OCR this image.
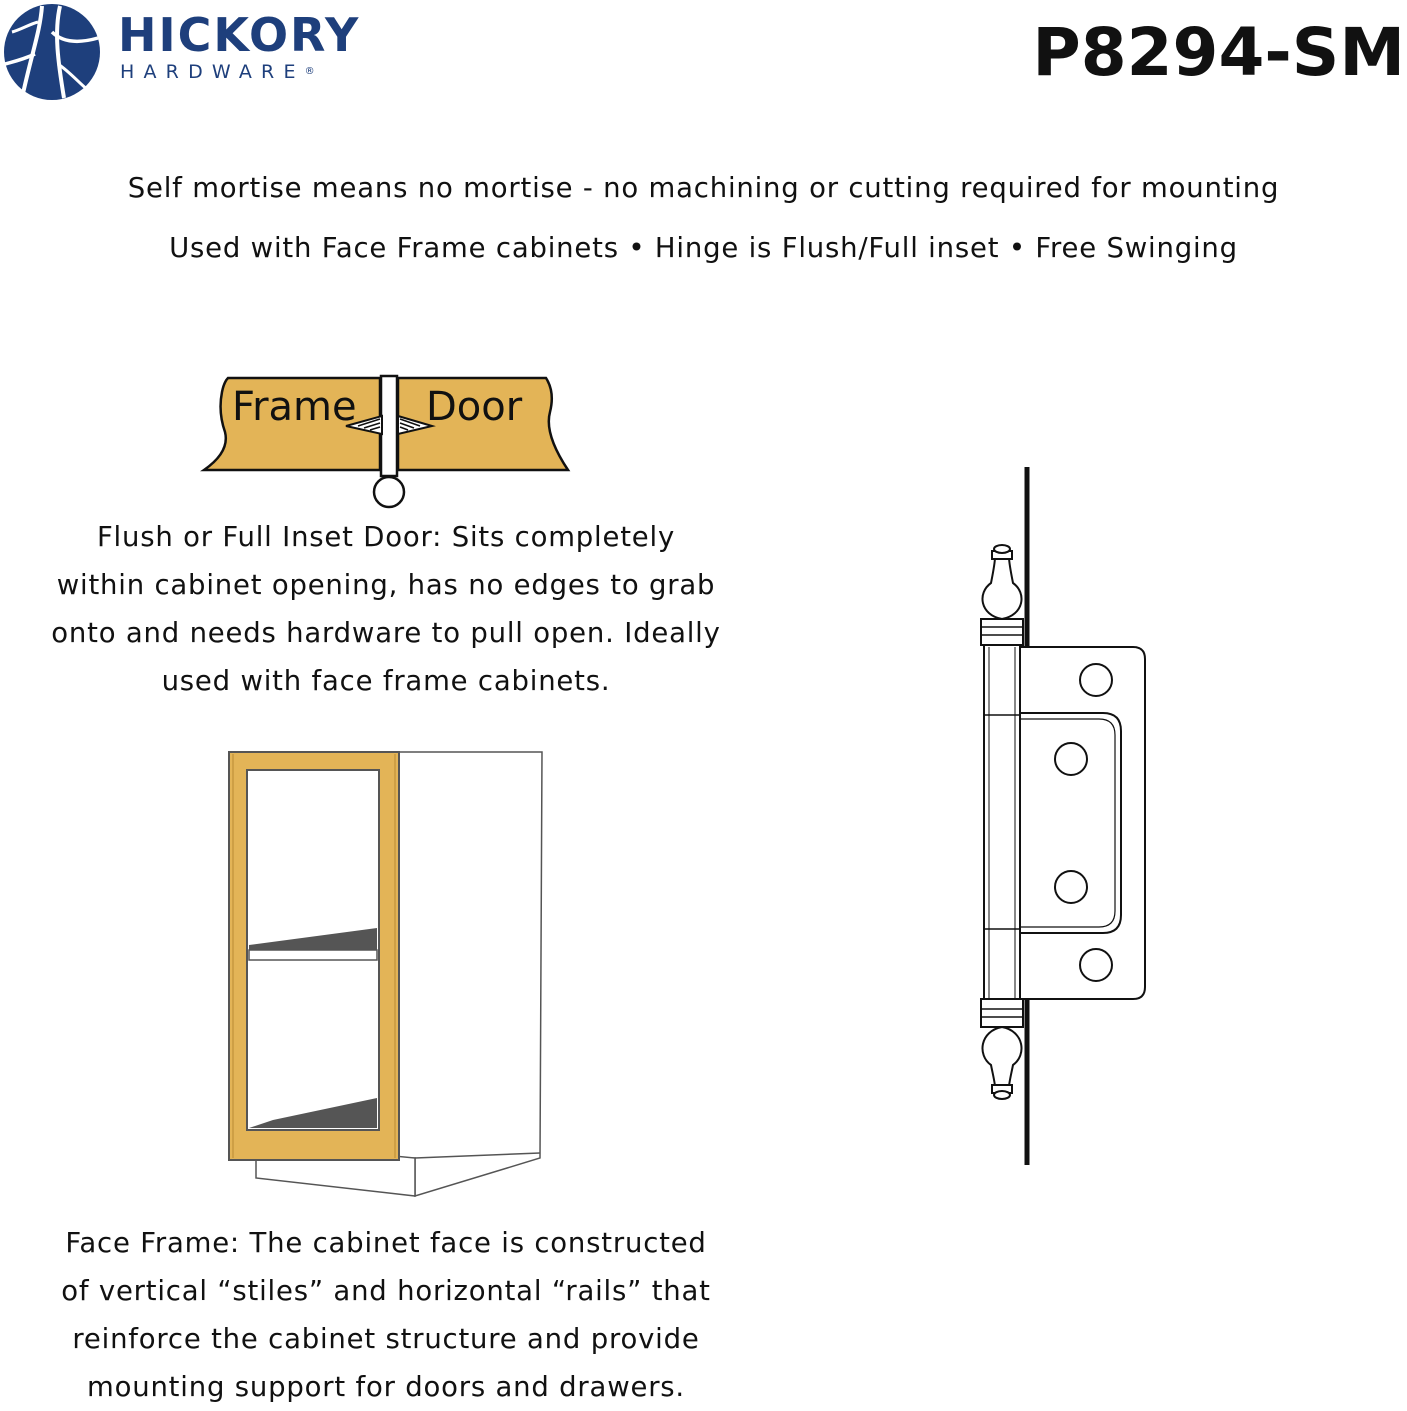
HICKORY
HARDWARE®	P8294-SM
Self mortise means no mortise - no machining or cutting required for mounting
Used with Face Frame cabinets • Hinge is Flush/Full inset • Free Swinging
Frame Door
Flush or Full Inset Door: Sits completely
within cabinet opening, has no edges to grab
onto and needs hardware to pull open. Ideally
used with face frame cabinets.
Face Frame: The cabinet face is constructed
of vertical “stiles” and horizontal “rails” that
reinforce the cabinet structure and provide
mounting support for doors and drawers.
